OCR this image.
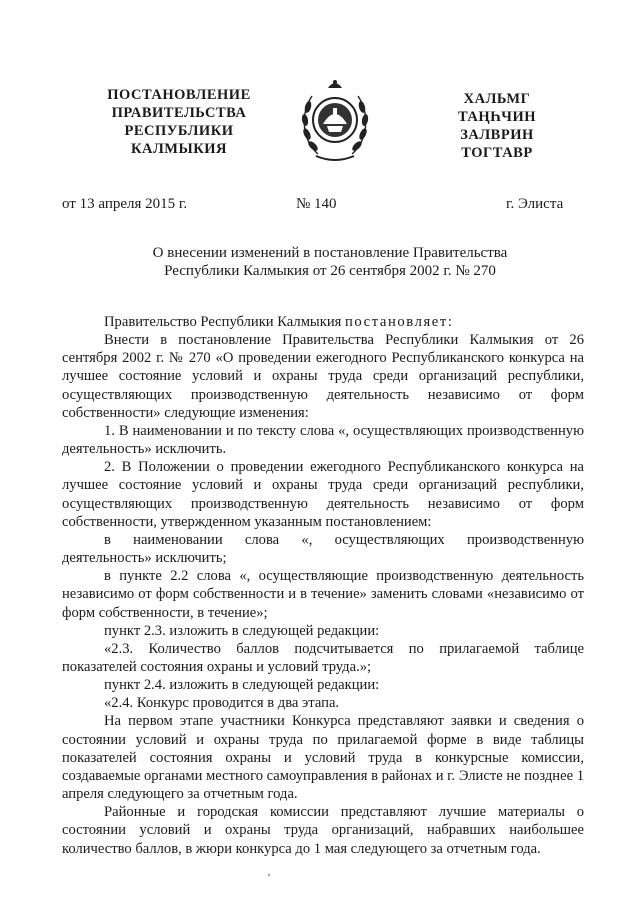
ПОСТАНОВЛЕНИЕ
ПРАВИТЕЛЬСТВА
РЕСПУБЛИКИ
КАЛМЫКИЯ
ХАЛЬМГ
ТАҢҺЧИН
ЗАЛВРИН
ТОГТАВР
от 13 апреля 2015 г.	№ 140	г. Элиста
О внесении изменений в постановление Правительства
Республики Калмыкия от 26 сентября 2002 г. № 270

Правительство Республики Калмыкия постановляет:

Внести в постановление Правительства Республики Калмыкия от 26 сентября 2002 г. № 270 «О проведении ежегодного Республиканского конкурса на лучшее состояние условий и охраны труда среди организаций республики, осуществляющих производственную деятельность независимо от форм собственности» следующие изменения:

1. В наименовании и по тексту слова «, осуществляющих производственную деятельность» исключить.

2. В Положении о проведении ежегодного Республиканского конкурса на лучшее состояние условий и охраны труда среди организаций республики, осуществляющих производственную деятельность независимо от форм собственности, утвержденном указанным постановлением:

в наименовании слова «, осуществляющих производственную деятельность» исключить;

в пункте 2.2 слова «, осуществляющие производственную деятельность независимо от форм собственности и в течение» заменить словами «независимо от форм собственности, в течение»;

пункт 2.3. изложить в следующей редакции:

«2.3. Количество баллов подсчитывается по прилагаемой таблице показателей состояния охраны и условий труда.»;

пункт 2.4. изложить в следующей редакции:

«2.4. Конкурс проводится в два этапа.

На первом этапе участники Конкурса представляют заявки и сведения о состоянии условий и охраны труда по прилагаемой форме в виде таблицы показателей состояния охраны и условий труда в конкурсные комиссии, создаваемые органами местного самоуправления в районах и г. Элисте не позднее 1 апреля следующего за отчетным года.

Районные и городская комиссии представляют лучшие материалы о состоянии условий и охраны труда организаций, набравших наибольшее количество баллов, в жюри конкурса до 1 мая следующего за отчетным года.
